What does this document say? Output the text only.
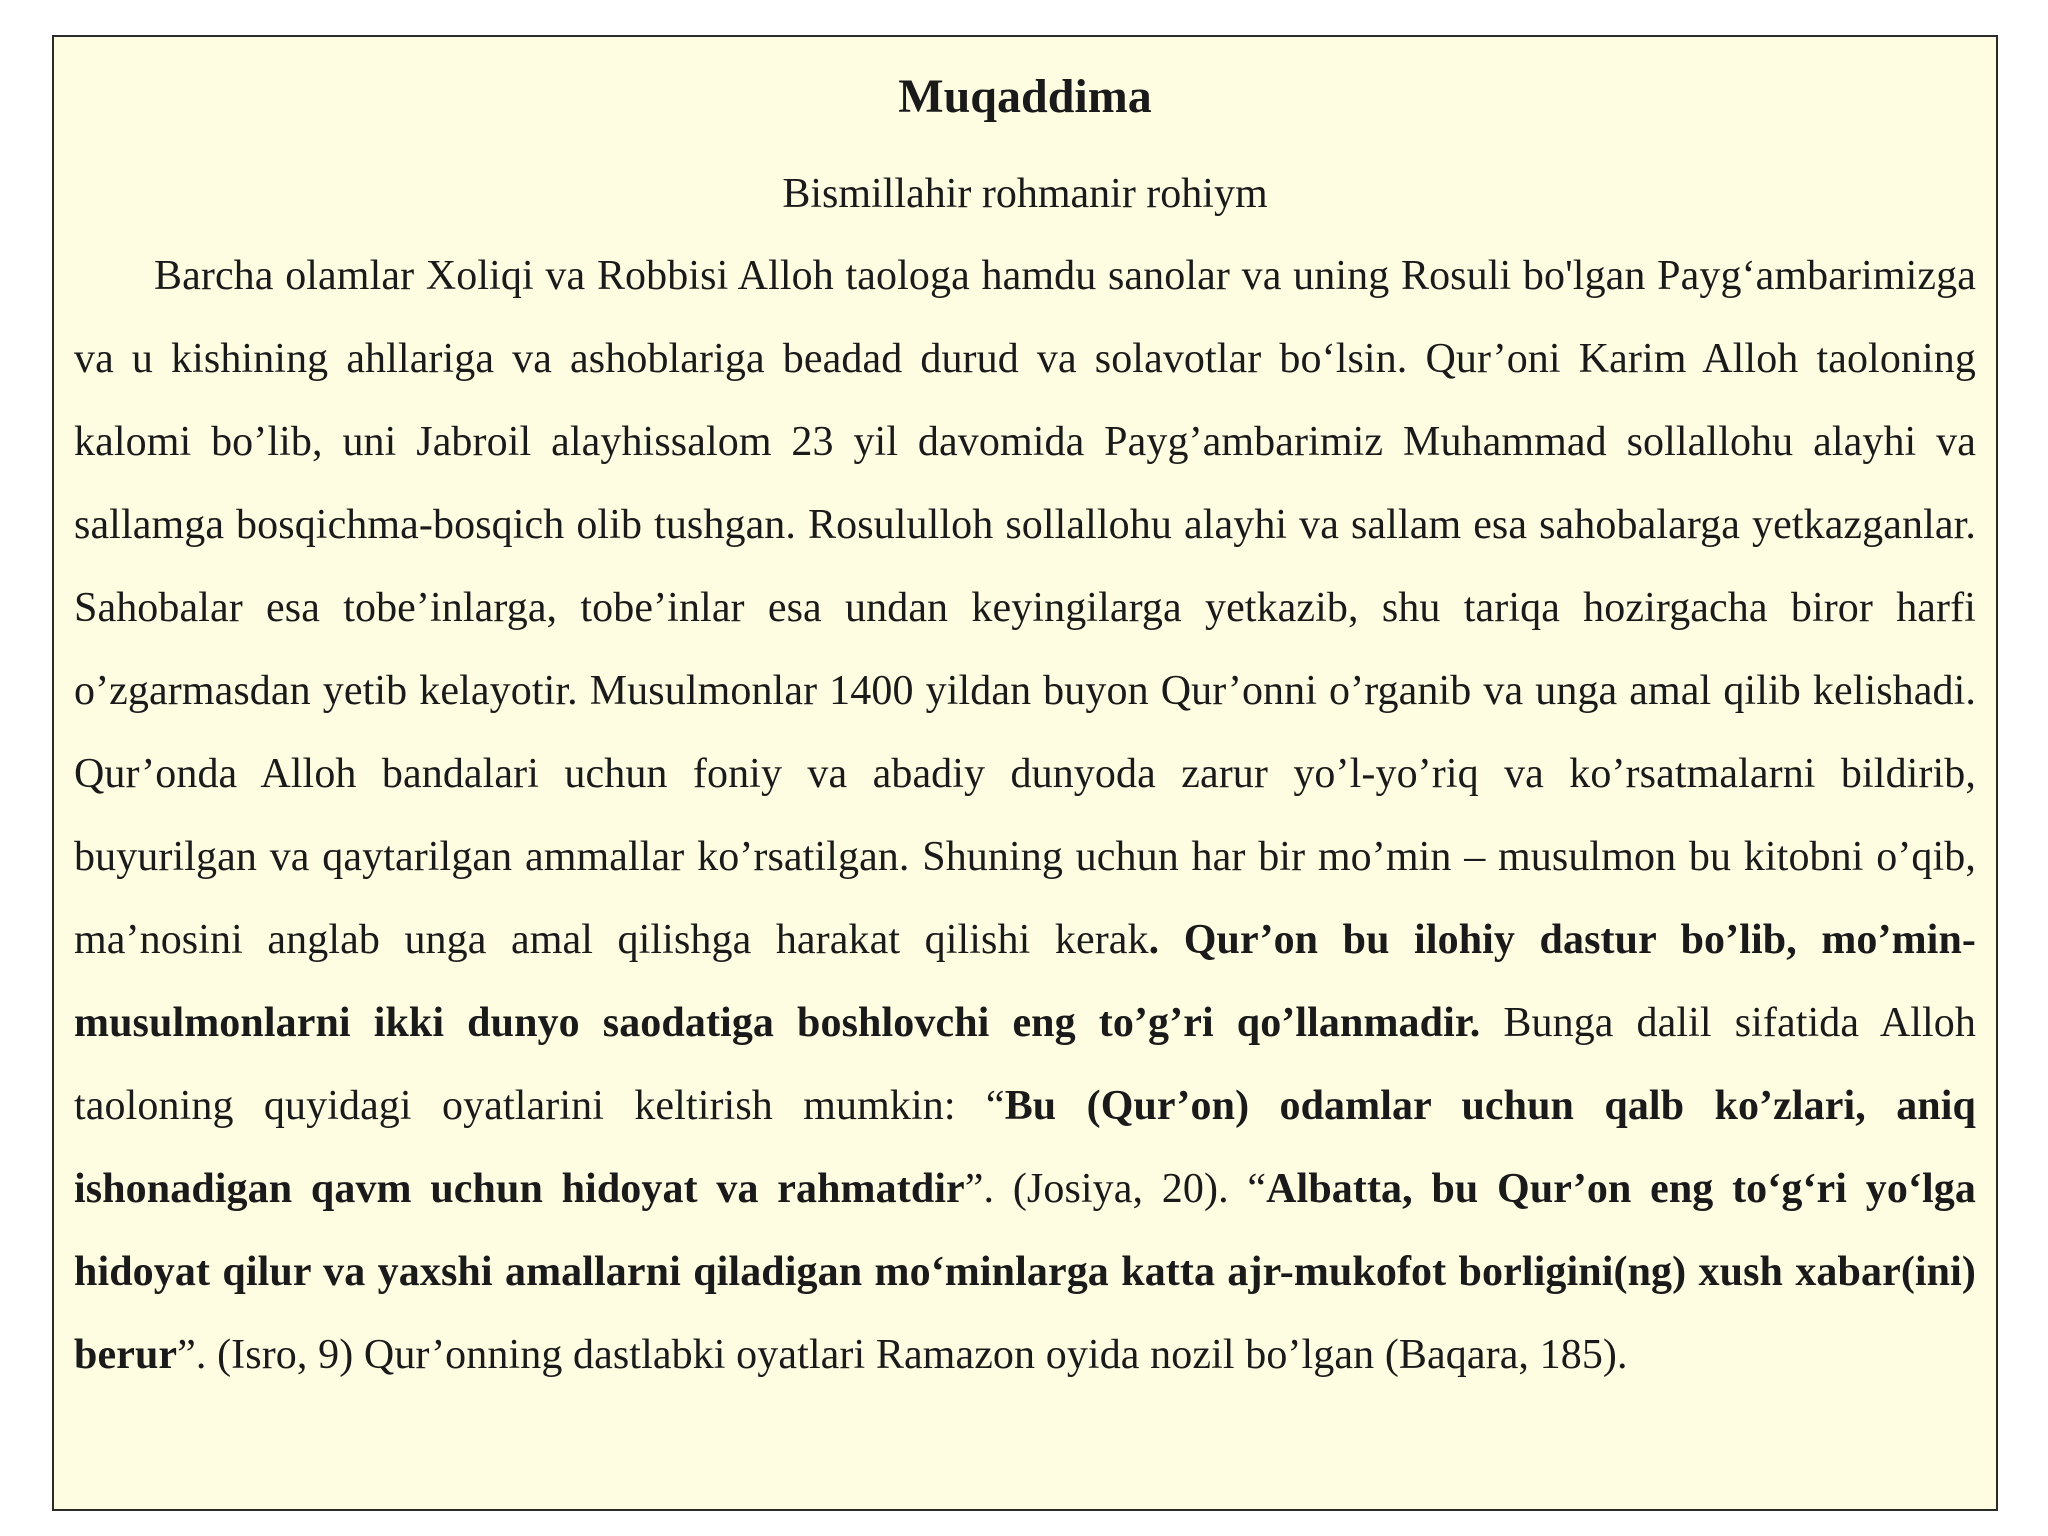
Muqaddima

Bismillahir rohmanir rohiym

Barcha olamlar Xoliqi va Robbisi Alloh taologa hamdu sanolar va uning Rosuli bo'lgan Payg‘ambarimizga va u kishining ahllariga va ashoblariga beadad durud va solavotlar bo‘lsin. Qur’oni Karim Alloh taoloning kalomi bo’lib, uni Jabroil alayhissalom 23 yil davomida Payg’ambarimiz Muhammad sollallohu alayhi va sallamga bosqichma-bosqich olib tushgan. Rosululloh sollallohu alayhi va sallam esa sahobalarga yetkazganlar. Sahobalar esa tobe’inlarga, tobe’inlar esa undan keyingilarga yetkazib, shu tariqa hozirgacha biror harfi o’zgarmasdan yetib kelayotir. Musulmonlar 1400 yildan buyon Qur’onni o’rganib va unga amal qilib kelishadi. Qur’onda Alloh bandalari uchun foniy va abadiy dunyoda zarur yo’l-yo’riq va ko’rsatmalarni bildirib, buyurilgan va qaytarilgan ammallar ko’rsatilgan. Shuning uchun har bir mo’min – musulmon bu kitobni o’qib, ma’nosini anglab unga amal qilishga harakat qilishi kerak. Qur’on bu ilohiy dastur bo’lib, mo’min-musulmonlarni ikki dunyo saodatiga boshlovchi eng to’g’ri qo’llanmadir. Bunga dalil sifatida Alloh taoloning quyidagi oyatlarini keltirish mumkin: “Bu (Qur’on) odamlar uchun qalb ko’zlari, aniq ishonadigan qavm uchun hidoyat va rahmatdir”. (Josiya, 20). “Albatta, bu Qur’on eng to‘g‘ri yo‘lga hidoyat qilur va yaxshi amallarni qiladigan mo‘minlarga katta ajr-mukofot borligini(ng) xush xabar(ini) berur”. (Isro, 9) Qur’onning dastlabki oyatlari Ramazon oyida nozil bo’lgan (Baqara, 185).
